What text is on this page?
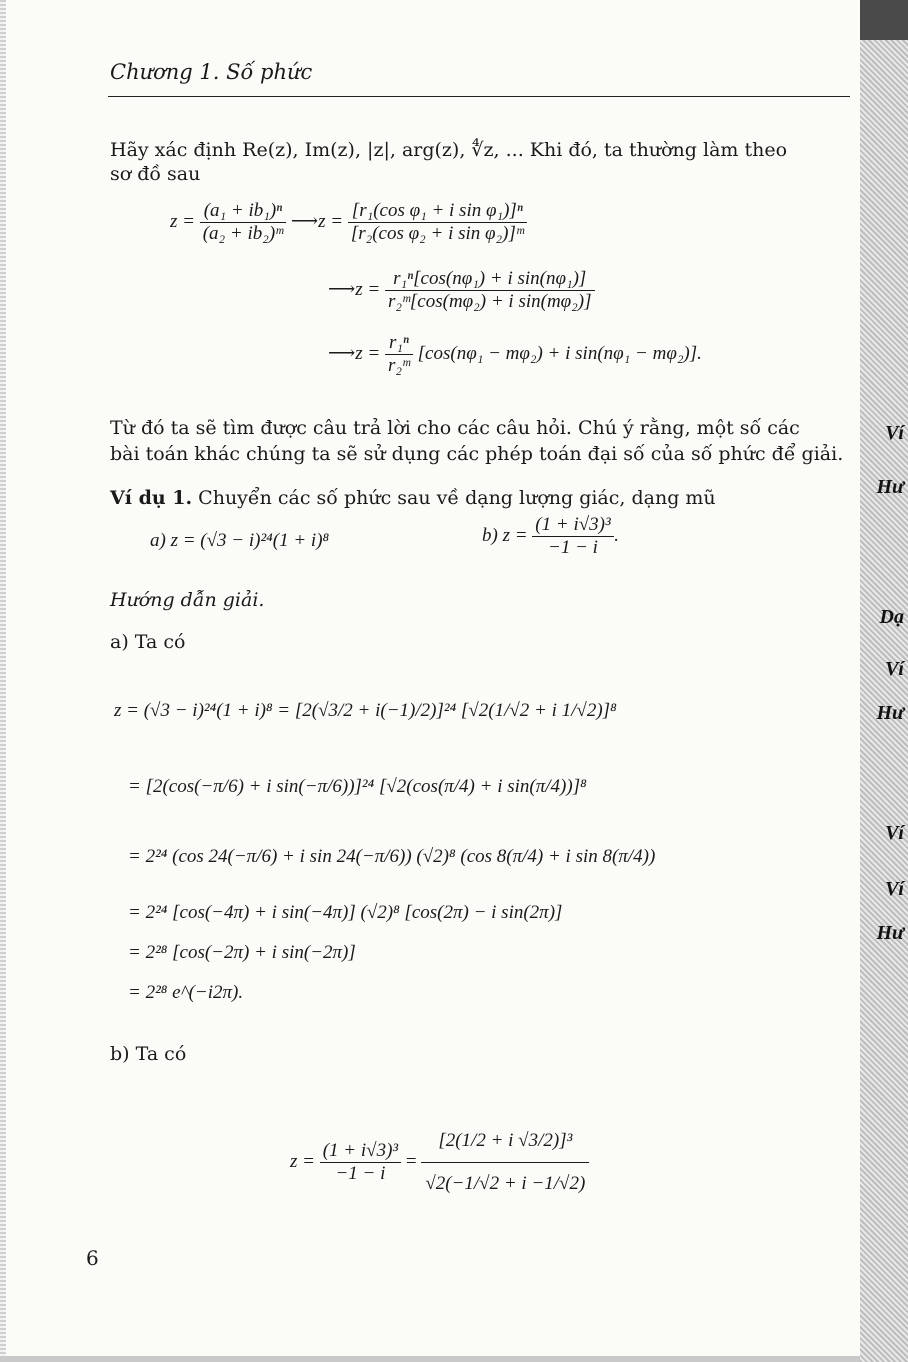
Ví
Hư
Dạ
Ví
Hư
Ví
Ví
Hư
Chương 1. Số phức
Hãy xác định Re(z), Im(z), |z|, arg(z), ∜z, ... Khi đó, ta thường làm theo
sơ đồ sau
$z = \frac{\text{(a₁ + ib₁)ⁿ}}{\text{(a₂ + ib₂)ᵐ}}$ ⟶z = $\frac{\text{[r₁(cos φ₁ + i sin φ₁)]ⁿ}}{\text{[r₂(cos φ₂ + i sin φ₂)]ᵐ}}$
⟶z = $\frac{\text{r₁ⁿ[cos(nφ₁) + i sin(nφ₁)]}}{\text{r₂ᵐ[cos(mφ₂) + i sin(mφ₂)]}}$
⟶z = $\frac{\text{r₁ⁿ}}{\text{r₂ᵐ}} [\cos(n\varphi_1 - m\varphi_2) + i$ sin(nφ₁ − mφ₂)].
Từ đó ta sẽ tìm được câu trả lời cho các câu hỏi. Chú ý rằng, một số các
bài toán khác chúng ta sẽ sử dụng các phép toán đại số của số phức để giải.
Ví dụ 1. Chuyển các số phức sau về dạng lượng giác, dạng mũ
a) z = (√3 − i)²⁴(1 + i)⁸	b) $z = \frac{\text{(1 + i√3)³}}{-1 - i}$ .
Hướng dẫn giải.
a) Ta có
z = (√3 − i)²⁴(1 + i)⁸ = [2(√3/2 + i(−1)/2)]²⁴ [√2(1/√2 + i 1/√2)]⁸
= [2(cos(−π/6) + i sin(−π/6))]²⁴ [√2(cos(π/4) + i sin(π/4))]⁸
= 2²⁴ (cos 24(−π/6) + i sin 24(−π/6)) (√2)⁸ (cos 8(π/4) + i sin 8(π/4))
= 2²⁴ [cos(−4π) + i sin(−4π)] (√2)⁸ [cos(2π) − i sin(2π)]
= 2²⁸ [cos(−2π) + i sin(−2π)]
= 2²⁸ e^(−i2π).
b) Ta có
$z = \frac{\text{(1 + i√3)³}}{-1 - i} = \frac{\text{[2(1/2 + i √3/2)]³}}{√2(-1/√2 + i -1/√2)}$
6
